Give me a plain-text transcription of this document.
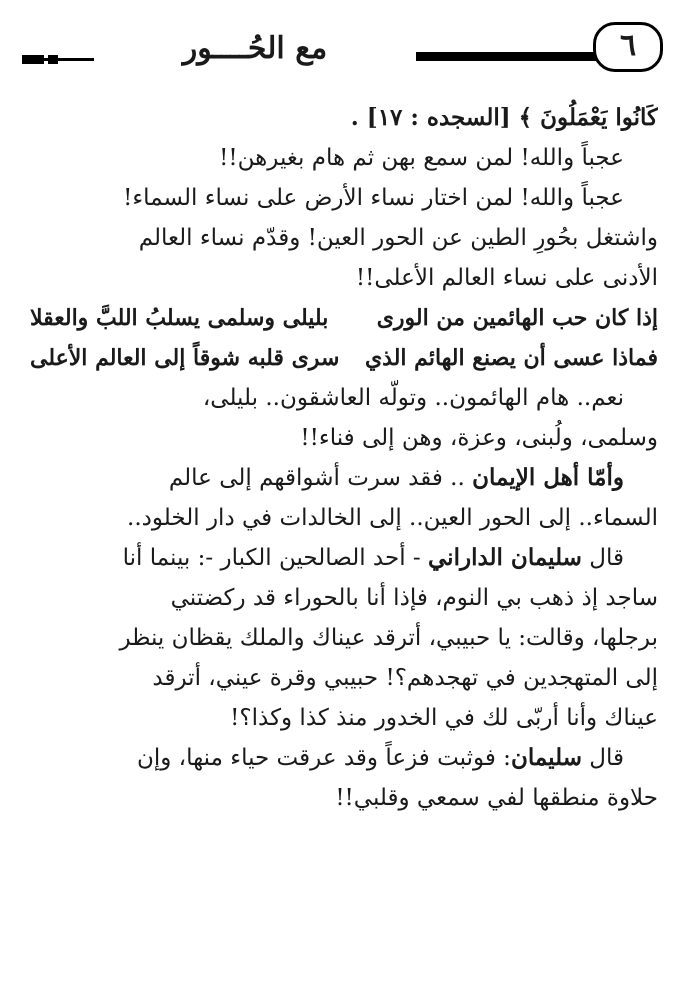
مع الحُــــور	٦
كَانُوا يَعْمَلُونَ ﴾ [السجده : ١٧] .
عجباً والله! لمن سمع بهن ثم هام بغيرهن!!
عجباً والله! لمن اختار نساء الأرض على نساء السماء!
واشتغل بحُورِ الطين عن الحور العين! وقدّم نساء العالم
الأدنى على نساء العالم الأعلى!!
إذا كان حب الهائمين من الورى
بليلى وسلمى يسلبُ اللبَّ والعقلا
فماذا عسى أن يصنع الهائم الذي
سرى قلبه شوقاً إلى العالم الأعلى
نعم.. هام الهائمون.. وتولّه العاشقون.. بليلى،
وسلمى، ولُبنى، وعزة، وهن إلى فناء!!
وأمّا أهل الإيمان .. فقد سرت أشواقهم إلى عالم
السماء.. إلى الحور العين.. إلى الخالدات في دار الخلود..
قال سليمان الداراني - أحد الصالحين الكبار -: بينما أنا
ساجد إذ ذهب بي النوم، فإذا أنا بالحوراء قد ركضتني
برجلها، وقالت: يا حبيبي، أترقد عيناك والملك يقظان ينظر
إلى المتهجدين في تهجدهم؟! حبيبي وقرة عيني، أترقد
عيناك وأنا أربّى لك في الخدور منذ كذا وكذا؟!
قال سليمان: فوثبت فزعاً وقد عرقت حياء منها، وإن
حلاوة منطقها لفي سمعي وقلبي!!
